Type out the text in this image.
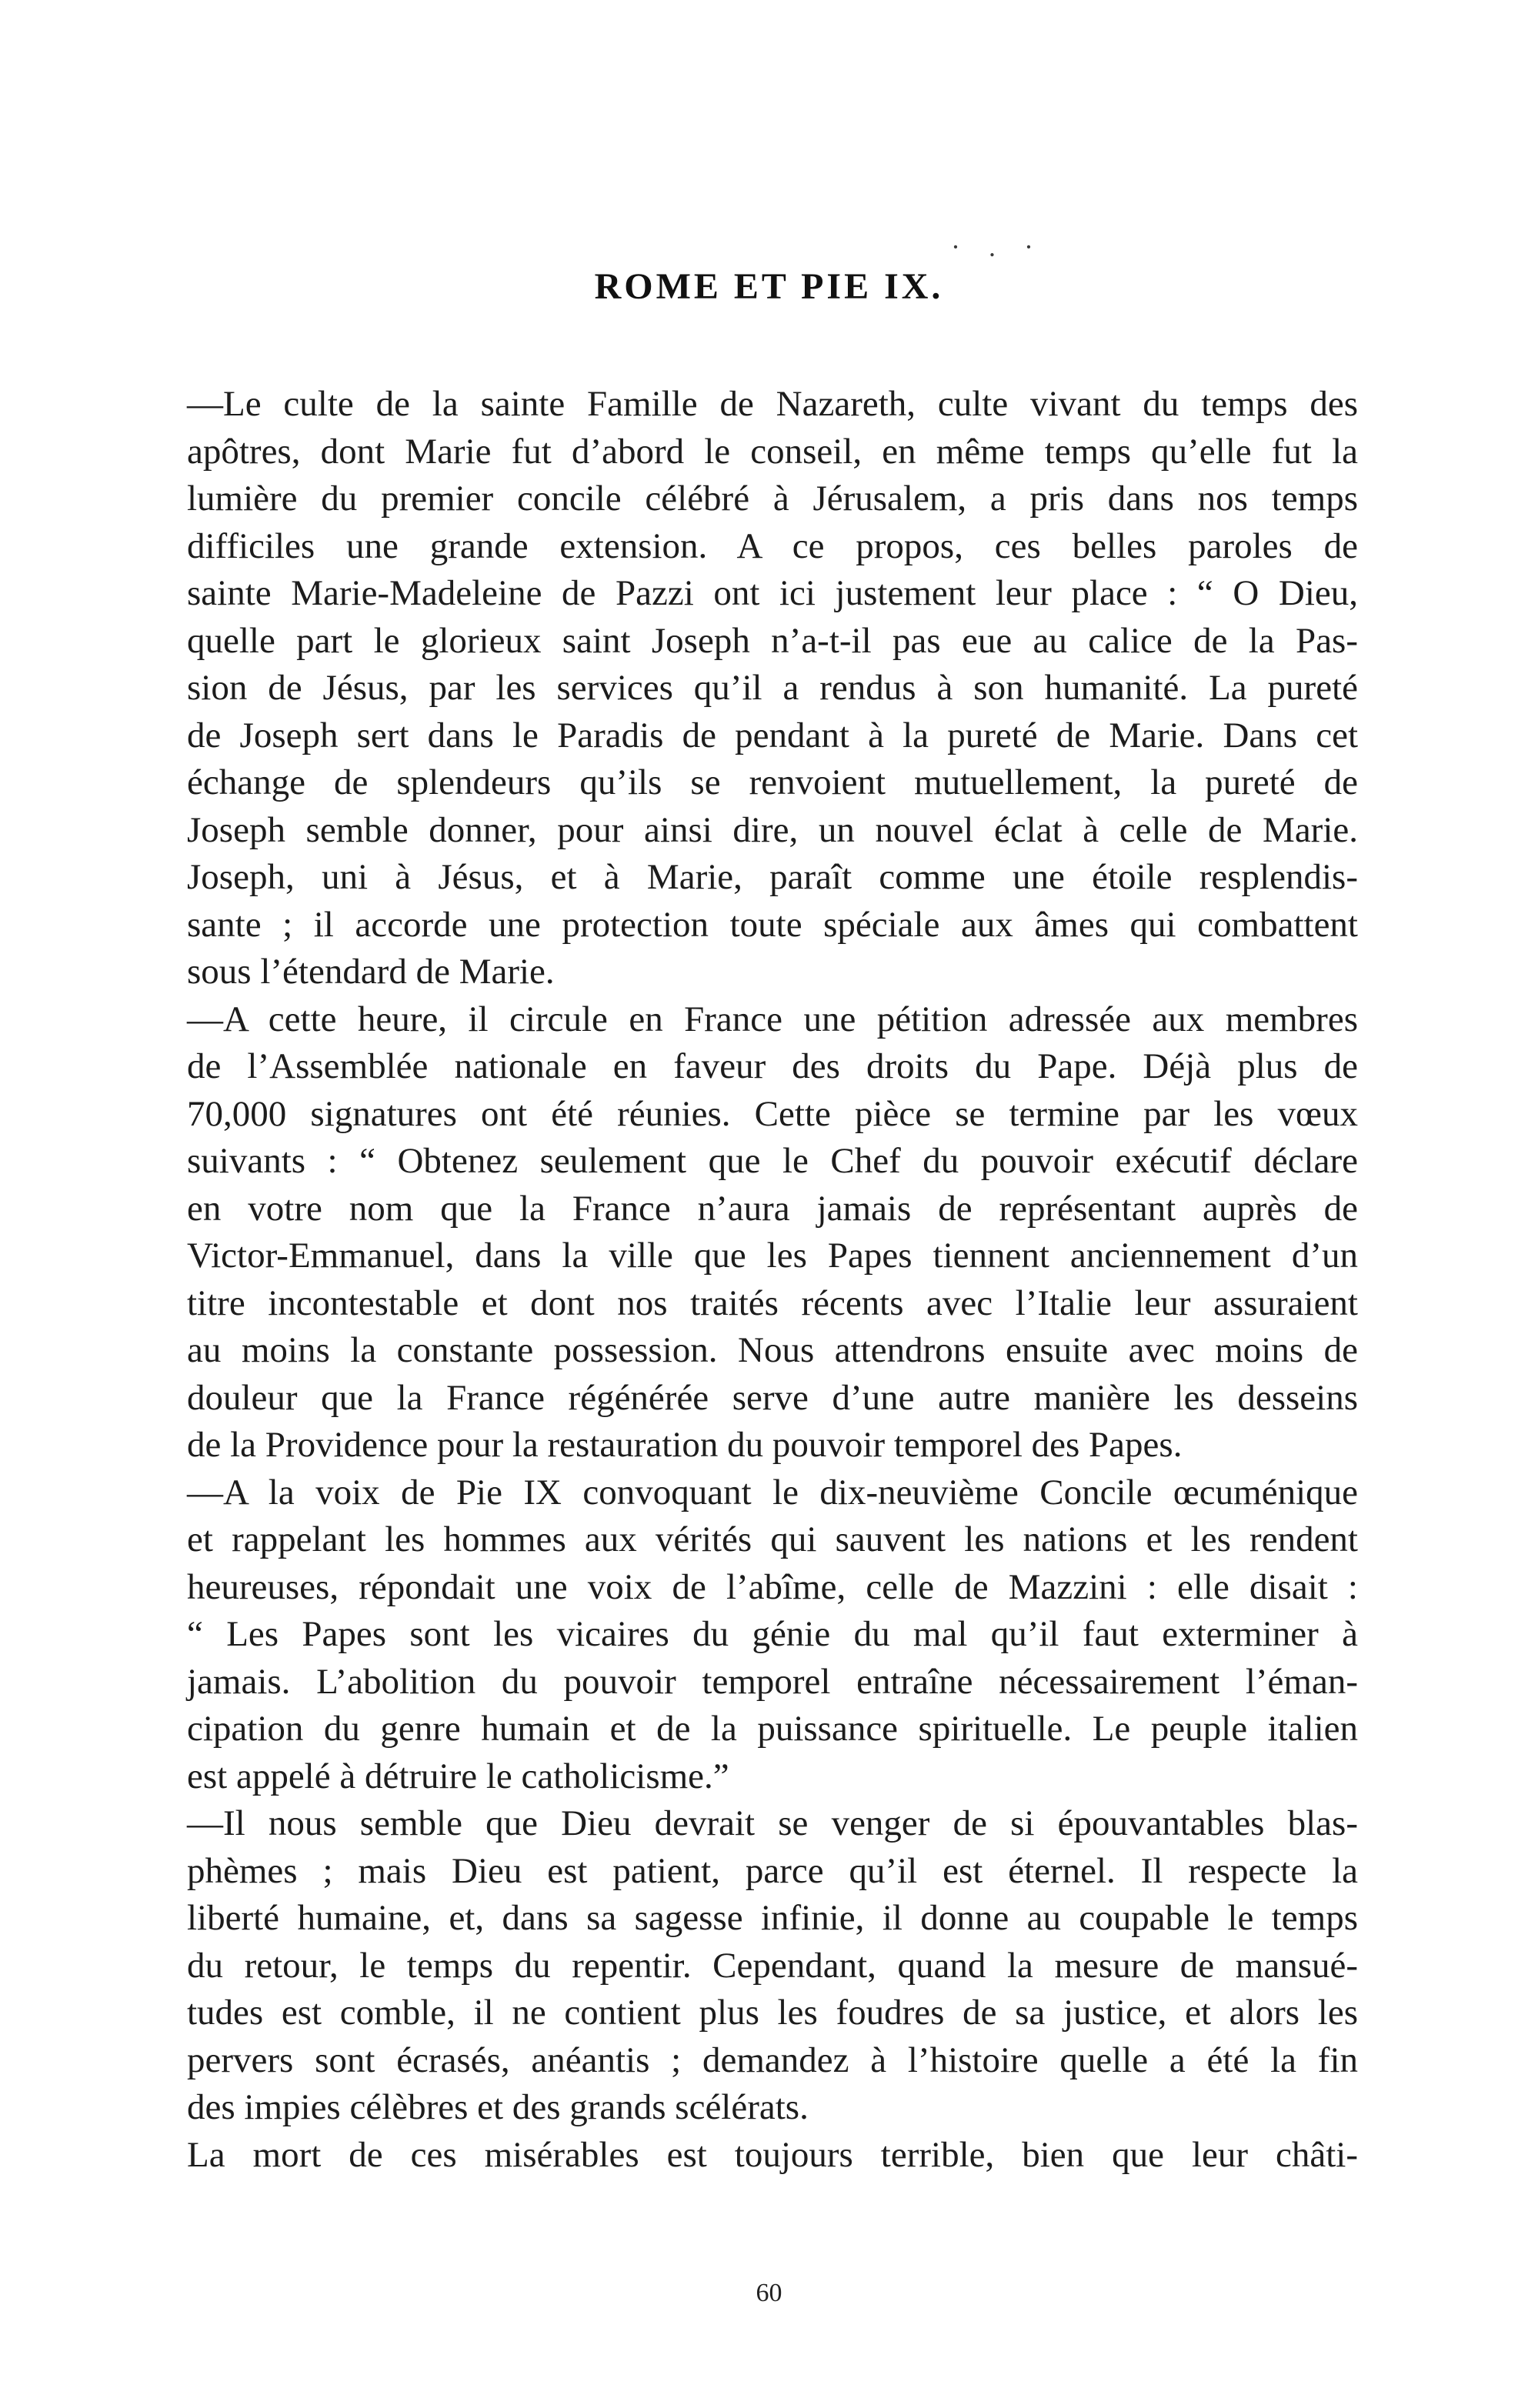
· . ·
ROME ET PIE IX.
—Le culte de la sainte Famille de Nazareth, culte vivant du temps des
apôtres, dont Marie fut d’abord le conseil, en même temps qu’elle fut la
lumière du premier concile célébré à Jérusalem, a pris dans nos temps
difficiles une grande extension. A ce propos, ces belles paroles de
sainte Marie-Madeleine de Pazzi ont ici justement leur place : “ O Dieu,
quelle part le glorieux saint Joseph n’a-t-il pas eue au calice de la Pas-
sion de Jésus, par les services qu’il a rendus à son humanité. La pureté
de Joseph sert dans le Paradis de pendant à la pureté de Marie. Dans cet
échange de splendeurs qu’ils se renvoient mutuellement, la pureté de
Joseph semble donner, pour ainsi dire, un nouvel éclat à celle de Marie.
Joseph, uni à Jésus, et à Marie, paraît comme une étoile resplendis-
sante ; il accorde une protection toute spéciale aux âmes qui combattent
sous l’étendard de Marie.
—A cette heure, il circule en France une pétition adressée aux membres
de l’Assemblée nationale en faveur des droits du Pape. Déjà plus de
70,000 signatures ont été réunies. Cette pièce se termine par les vœux
suivants : “ Obtenez seulement que le Chef du pouvoir exécutif déclare
en votre nom que la France n’aura jamais de représentant auprès de
Victor-Emmanuel, dans la ville que les Papes tiennent anciennement d’un
titre incontestable et dont nos traités récents avec l’Italie leur assuraient
au moins la constante possession. Nous attendrons ensuite avec moins de
douleur que la France régénérée serve d’une autre manière les desseins
de la Providence pour la restauration du pouvoir temporel des Papes.
—A la voix de Pie IX convoquant le dix-neuvième Concile œcuménique
et rappelant les hommes aux vérités qui sauvent les nations et les rendent
heureuses, répondait une voix de l’abîme, celle de Mazzini : elle disait :
“ Les Papes sont les vicaires du génie du mal qu’il faut exterminer à
jamais. L’abolition du pouvoir temporel entraîne nécessairement l’éman-
cipation du genre humain et de la puissance spirituelle. Le peuple italien
est appelé à détruire le catholicisme.”
—Il nous semble que Dieu devrait se venger de si épouvantables blas-
phèmes ; mais Dieu est patient, parce qu’il est éternel. Il respecte la
liberté humaine, et, dans sa sagesse infinie, il donne au coupable le temps
du retour, le temps du repentir. Cependant, quand la mesure de mansué-
tudes est comble, il ne contient plus les foudres de sa justice, et alors les
pervers sont écrasés, anéantis ; demandez à l’histoire quelle a été la fin
des impies célèbres et des grands scélérats.
La mort de ces misérables est toujours terrible, bien que leur châti-
60
